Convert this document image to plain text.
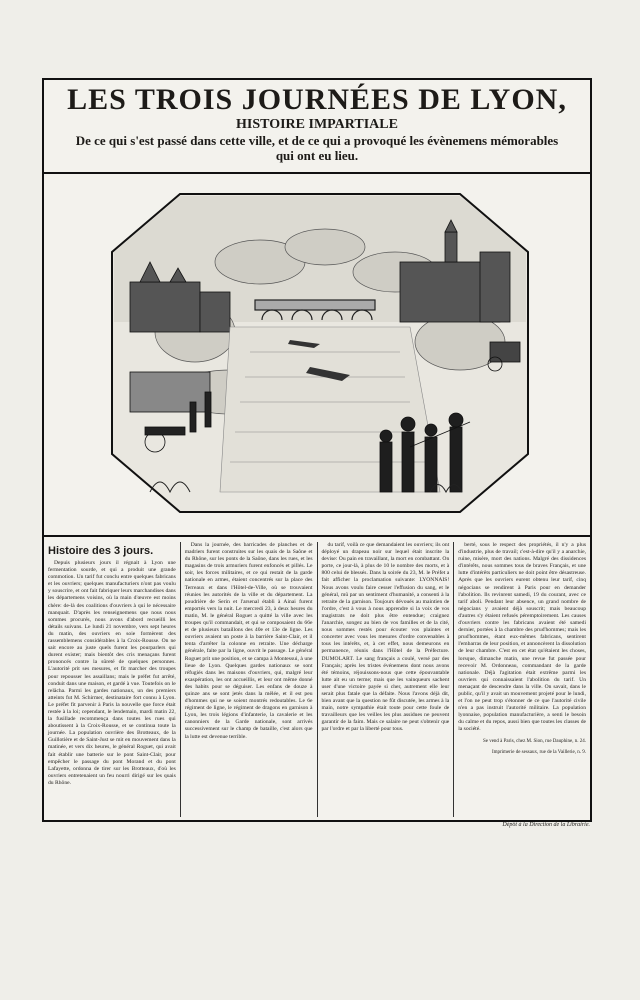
LES TROIS JOURNÉES DE LYON,
HISTOIRE IMPARTIALE
De ce qui s'est passé dans cette ville, et de ce qui a provoqué les évènemens mémorables
qui ont eu lieu.
Histoire des 3 jours.

Depuis plusieurs jours il régnait à Lyon une fermentation sourde, et qui a produit une grande commotion. Un tarif fut conclu entre quelques fabricans et les ouvriers; quelques manufacturiers n'ont pas voulu y souscrire, et ont fait fabriquer leurs marchandises dans les départemens voisins, où la main d'œuvre est moins chère: de-là des coalitions d'ouvriers à qui le nécessaire manquait. D'après les renseignemens que nous nous sommes procurés, nous avons d'abord recueilli les détails suivans. Le lundi 21 novembre, vers sept heures du matin, des ouvriers en soie formèrent des rassemblemens considérables à la Croix-Rousse. On ne sait encore au juste quels furent les pourparlers qui durent exister; mais bientôt des cris menaçans furent prononcés contre la sûreté de quelques personnes. L'autorité prit ses mesures, et fit marcher des troupes pour repousser les assaillans; mais le préfet fut arrêté, conduit dans une maison, et gardé à vue. Toutefois on le relâcha. Parmi les gardes nationaux, un des premiers atteints fut M. Schirmer, destinataire fort connu à Lyon. Le préfet fit parvenir à Paris la nouvelle que force était restée à la loi; cependant, le lendemain, mardi matin 22, la fusillade recommença dans toutes les rues qui aboutissent à la Croix-Rousse, et se continua toute la journée. La population ouvrière des Brotteaux, de la Guillotière et de Saint-Just se mit en mouvement dans la matinée, et vers dix heures, le général Roguet, qui avait fait établir une batterie sur le pont Saint-Clair, pour empêcher le passage du pont Morand et du pont Lafayette, ordonna de tirer sur les Brotteaux, d'où les ouvriers entretenaient un feu nourri dirigé sur les quais du Rhône.

Dans la journée, des barricades de planches et de madriers furent construites sur les quais de la Saône et du Rhône, sur les ponts de la Saône, dans les rues, et les magasins de trois armuriers furent enfoncés et pillés. Le soir, les forces militaires, et ce qui restait de la garde nationale en armes, étaient concentrés sur la place des Terreaux et dans l'Hôtel-de-Ville, où se trouvaient réunies les autorités de la ville et du département. La poudrière de Serin et l'arsenal établi à Ainai furent emportés vers la nuit. Le mercredi 23, à deux heures du matin, M. le général Roguet a quitté la ville avec les troupes qu'il commandait, et qui se composaient du 66e et de plusieurs bataillons des 40e et 13e de ligne. Les ouvriers avaient un poste à la barrière Saint-Clair, et il tenta d'arrêter la colonne en retraite. Une décharge générale, faite par la ligne, ouvrit le passage. Le général Roguet prit une position, et se campa à Montessui, à une lieue de Lyon. Quelques gardes nationaux se sont réfugiés dans les maisons d'ouvriers, qui, malgré leur exaspération, les ont accueillis, et leur ont même donné des habits pour se déguiser. Les enfans de douze à quinze ans se sont jetés dans la mêlée, et il est peu d'hommes qui ne se soient montrés redoutables. Le 6e régiment de ligne, le régiment de dragons en garnison à Lyon, les trois légions d'infanterie, la cavalerie et les canonniers de la Garde nationale, sont arrivés successivement sur le champ de bataille, c'est alors que la lutte est devenue terrible.

du tarif, voilà ce que demandaient les ouvriers; ils ont déployé un drapeau noir sur lequel était inscrite la devise: Ou pain en travaillant, la mort en combattant. On porte, ce jour-là, à plus de 10 le nombre des morts, et à 800 celui de blessés. Dans la soirée du 23, M. le Préfet a fait afficher la proclamation suivante: LYONNAIS! Nous avons voulu faire cesser l'effusion du sang, et le général, mû par un sentiment d'humanité, a consenti à la retraite de la garnison. Toujours dévoués au maintien de l'ordre, c'est à vous à nous apprendre si la voix de vos magistrats ne doit plus être entendue; craignez l'anarchie, songez au bien de vos familles et de la cité, nous sommes restés pour écouter vos plaintes et concerter avec vous les mesures d'ordre convenables à tous les intérêts, et, à cet effet, nous demeurons en permanence, réunis dans l'Hôtel de la Préfecture. DUMOLART. Le sang français a coulé, versé par des Français; après les tristes événemens dont nous avons été témoins, réjouissons-nous que cette épouvantable lutte ait eu un terme; mais que les vainqueurs sachent user d'une victoire payée si cher, autrement elle leur serait plus fatale que la défaite. Nous l'avons déjà dit, bien avant que la question ne fût discutée, les armes à la main, notre sympathie était toute pour cette foule de travailleurs que les veilles les plus assidues ne peuvent garantir de la faim. Mais ce salaire ne peut s'obtenir que par l'ordre et par la liberté pour tous.

berté, sous le respect des propriétés, il n'y a plus d'industrie, plus de travail; c'est-à-dire qu'il y a anarchie, ruine, misère, mort des nations. Malgré des dissidences d'intérêts, nous sommes tous de braves Français, et une lutte d'intérêts particuliers ne doit point être désastreuse. Après que les ouvriers eurent obtenu leur tarif, cinq négocians se rendirent à Paris pour en demander l'abolition. Ils revinrent samedi, 19 du courant, avec ce tarif aboli. Pendant leur absence, un grand nombre de négocians y avaient déjà souscrit; mais beaucoup d'autres s'y étaient refusés péremptoirement. Les causes d'ouvriers contre les fabricans avaient été samedi dernier, portées à la chambre des prud'hommes; mais les prud'hommes, étant eux-mêmes fabricans, sentirent l'embarras de leur position, et annoncèrent la dissolution de leur chambre. C'est en cet état qu'étaient les choses, lorsque, dimanche matin, une revue fut passée pour recevoir M. Ordonneau, commandant de la garde nationale. Déjà l'agitation était extrême parmi les ouvriers qui connaissaient l'abolition du tarif. Un menaçant de descendre dans la ville. On savait, dans le public, qu'il y avait un mouvement projeté pour le lundi, et l'on ne peut trop s'étonner de ce que l'autorité civile n'en a pas instruit l'autorité militaire. La population lyonnaise, population manufacturière, a senti le besoin du calme et du repos, aussi bien que toutes les classes de la société.

Se vend à Paris, chez M. Sion, rue Dauphine, n. 24.
Imprimerie de sessaux, rue de la Vaillerie, n. 9.
Dépôt à la Direction de la Librairie.
